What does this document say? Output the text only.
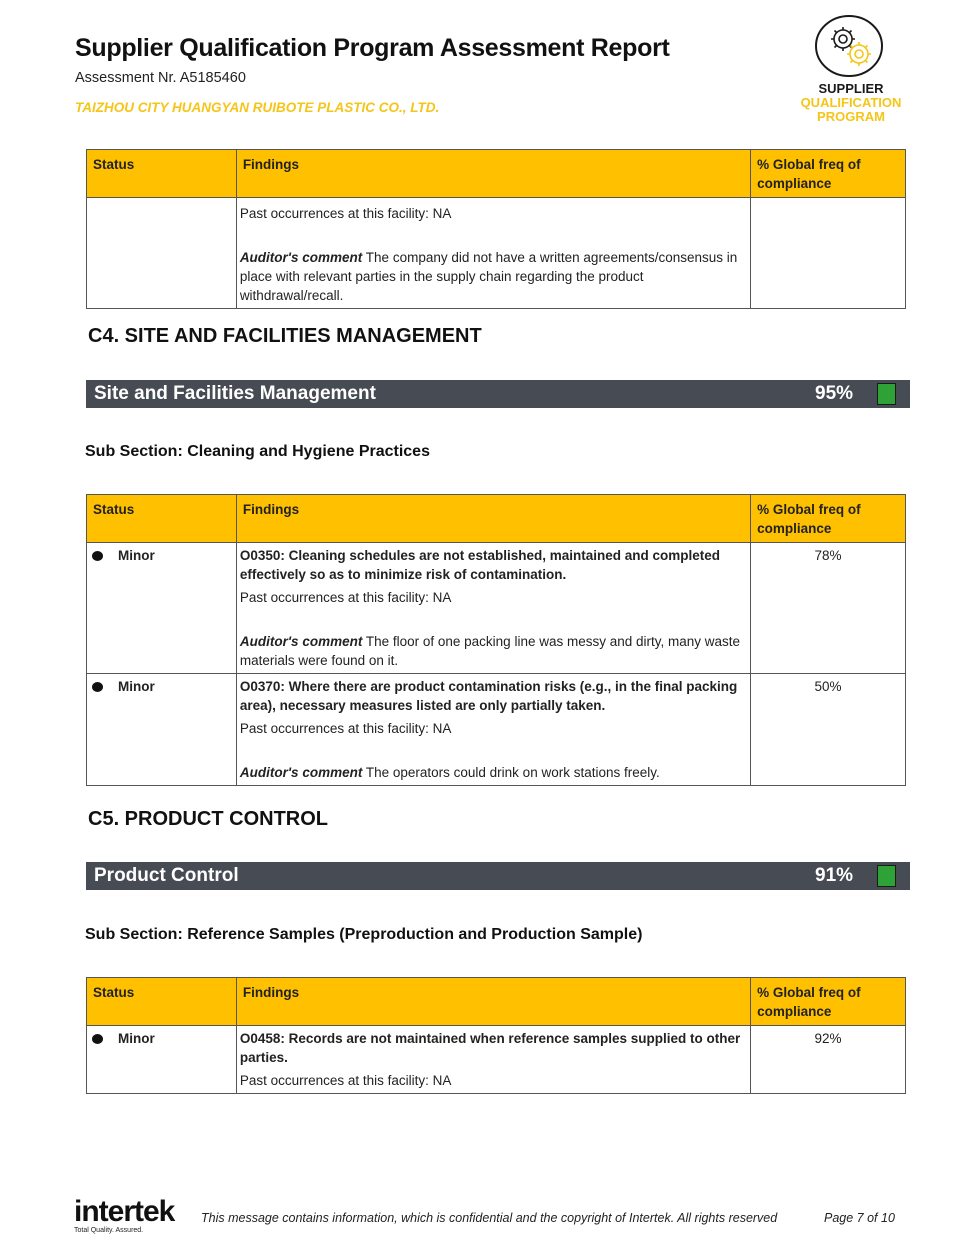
Supplier Qualification Program Assessment Report
Assessment Nr. A5185460
TAIZHOU CITY HUANGYAN RUIBOTE PLASTIC CO., LTD.
SUPPLIER
QUALIFICATION
PROGRAM
Status	Findings	% Global freq of compliance

	Past occurrences at this facility: NA
Auditor's comment The company did not have a written agreements/consensus in place with relevant parties in the supply chain regarding the product withdrawal/recall.	
C4. SITE AND FACILITIES MANAGEMENT
Site and Facilities Management	95%
Sub Section: Cleaning and Hygiene Practices
Status	Findings	% Global freq of compliance

Minor	O0350: Cleaning schedules are not established, maintained and completed effectively so as to minimize risk of contamination.
Past occurrences at this facility: NA
Auditor's comment The floor of one packing line was messy and dirty, many waste materials were found on it.	78%

Minor	O0370: Where there are product contamination risks (e.g., in the final packing area), necessary measures listed are only partially taken.
Past occurrences at this facility: NA
Auditor's comment The operators could drink on work stations freely.	50%
C5. PRODUCT CONTROL
Product Control	91%
Sub Section: Reference Samples (Preproduction and Production Sample)
Status	Findings	% Global freq of compliance

Minor	O0458: Records are not maintained when reference samples supplied to other parties.
Past occurrences at this facility: NA	92%
intertek
Total Quality. Assured.
This message contains information, which is confidential and the copyright of Intertek. All rights reserved	Page 7 of 10
